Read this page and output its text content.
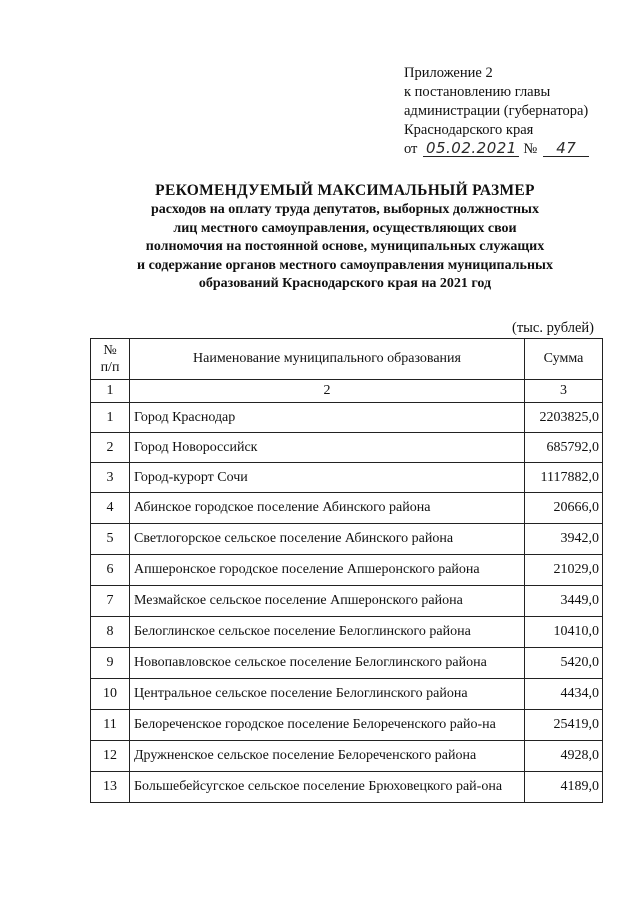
Приложение 2
к постановлению главы
администрации (губернатора)
Краснодарского края
от 05.02.2021 №	47
РЕКОМЕНДУЕМЫЙ МАКСИМАЛЬНЫЙ РАЗМЕР
расходов на оплату труда депутатов, выборных должностных
лиц местного самоуправления, осуществляющих свои
полномочия на постоянной основе, муниципальных служащих
и содержание органов местного самоуправления муниципальных
образований Краснодарского края на 2021 год
(тыс. рублей)
№
п/п	Наименование муниципального образования	Сумма
1	2	3
1	Город Краснодар	2203825,0
2	Город Новороссийск	685792,0
3	Город-курорт Сочи	1117882,0
4	Абинское городское поселение Абинского района	20666,0
5	Светлогорское сельское поселение Абинского района	3942,0
6	Апшеронское городское поселение Апшеронского района	21029,0
7	Мезмайское сельское поселение Апшеронского района	3449,0
8	Белоглинское сельское поселение Белоглинского района	10410,0
9	Новопавловское сельское поселение Белоглинского района	5420,0
10	Центральное сельское поселение Белоглинского района	4434,0
11	Белореченское городское поселение Белореченского райо-на	25419,0
12	Дружненское сельское поселение Белореченского района	4928,0
13	Большебейсугское сельское поселение Брюховецкого рай-она	4189,0
